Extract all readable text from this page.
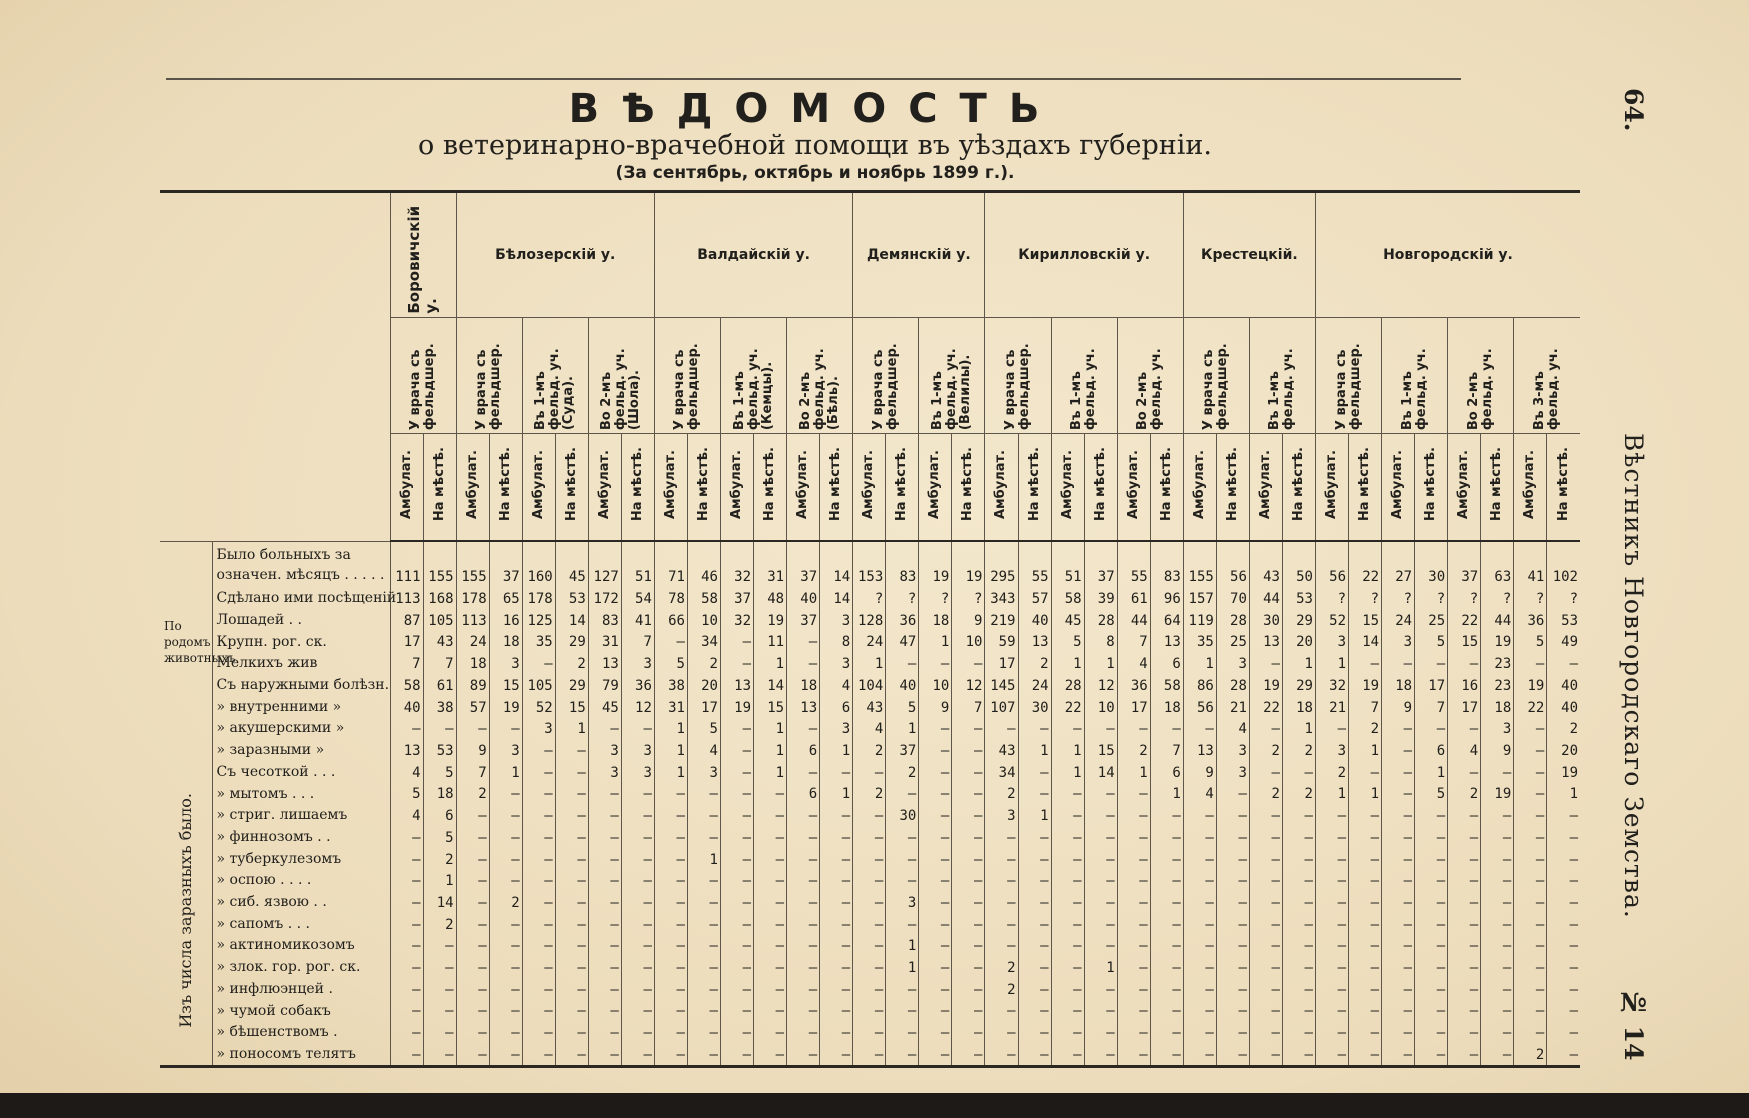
ВѢДОМОСТЬ
о ветеринарно-врачебной помощи въ уѣздахъ губерніи.
(За сентябрь, октябрь и ноябрь 1899 г.).
		Боровичскій у.		Бѣлозерскій у.						Валдайскій у.						Демянскій у.				Кирилловскій у.						Крестецкій.				Новгородскій у.							
		У врача съ фельдшер.		У врача съ фельдшер.		Въ 1-мъ фельд. уч. (Суда).		Во 2-мъ фельд. уч. (Шола).		У врача съ фельдшер.		Въ 1-мъ фельд. уч. (Кемцы).		Во 2-мъ фельд. уч. (Бѣль).		У врача съ фельдшер.		Въ 1-мъ фельд. уч. (Велилы).		У врача съ фельдшер.		Въ 1-мъ фельд. уч.		Во 2-мъ фельд. уч.		У врача съ фельдшер.		Въ 1-мъ фельд. уч.		У врача съ фельдшер.		Въ 1-мъ фельд. уч.		Во 2-мъ фельд. уч.		Въ 3-мъ фельд. уч.	
		Амбулат.	На мѣстѣ.	Амбулат.	На мѣстѣ.	Амбулат.	На мѣстѣ.	Амбулат.	На мѣстѣ.	Амбулат.	На мѣстѣ.	Амбулат.	На мѣстѣ.	Амбулат.	На мѣстѣ.	Амбулат.	На мѣстѣ.	Амбулат.	На мѣстѣ.	Амбулат.	На мѣстѣ.	Амбулат.	На мѣстѣ.	Амбулат.	На мѣстѣ.	Амбулат.	На мѣстѣ.	Амбулат.	На мѣстѣ.	Амбулат.	На мѣстѣ.	Амбулат.	На мѣстѣ.	Амбулат.	На мѣстѣ.	Амбулат.	На мѣстѣ.
	Было больныхъ за означен. мѣсяцъ . . . . .	111	155	155	37	160	45	127	51	71	46	32	31	37	14	153	83	19	19	295	55	51	37	55	83	155	56	43	50	56	22	27	30	37	63	41	102
	Сдѣлано ими посѣщеній	113	168	178	65	178	53	172	54	78	58	37	48	40	14	?	?	?	?	343	57	58	39	61	96	157	70	44	53	?	?	?	?	?	?	?	?
По родомъ животныхъ	Лошадей . .	87	105	113	16	125	14	83	41	66	10	32	19	37	3	128	36	18	9	219	40	45	28	44	64	119	28	30	29	52	15	24	25	22	44	36	53
	Крупн. рог. ск.	17	43	24	18	35	29	31	7	—	34	—	11	—	8	24	47	1	10	59	13	5	8	7	13	35	25	13	20	3	14	3	5	15	19	5	49
	Мелкихъ жив	7	7	18	3	—	2	13	3	5	2	—	1	—	3	1	—	—	—	17	2	1	1	4	6	1	3	—	1	1	—	—	—	—	23	—	—
	Съ наружными болѣзн.	58	61	89	15	105	29	79	36	38	20	13	14	18	4	104	40	10	12	145	24	28	12	36	58	86	28	19	29	32	19	18	17	16	23	19	40
	» внутренними »	40	38	57	19	52	15	45	12	31	17	19	15	13	6	43	5	9	7	107	30	22	10	17	18	56	21	22	18	21	7	9	7	17	18	22	40
	» акушерскими »	—	—	—	—	3	1	—	—	1	5	—	1	—	3	4	1	—	—	—	—	—	—	—	—	—	4	—	1	—	2	—	—	—	3	—	2
	» заразными »	13	53	9	3	—	—	3	3	1	4	—	1	6	1	2	37	—	—	43	1	1	15	2	7	13	3	2	2	3	1	—	6	4	9	—	20
Изъ числа заразныхъ было.	Съ чесоткой . . .	4	5	7	1	—	—	3	3	1	3	—	1	—	—	—	2	—	—	34	—	1	14	1	6	9	3	—	—	2	—	—	1	—	—	—	19
	» мытомъ . . .	5	18	2	—	—	—	—	—	—	—	—	—	6	1	2	—	—	—	2	—	—	—	—	1	4	—	2	2	1	1	—	5	2	19	—	1
	» стриг. лишаемъ	4	6	—	—	—	—	—	—	—	—	—	—	—	—	—	30	—	—	3	1	—	—	—	—	—	—	—	—	—	—	—	—	—	—	—	—
	» финнозомъ . .	—	5	—	—	—	—	—	—	—	—	—	—	—	—	—	—	—	—	—	—	—	—	—	—	—	—	—	—	—	—	—	—	—	—	—	—
	» туберкулезомъ	—	2	—	—	—	—	—	—	—	1	—	—	—	—	—	—	—	—	—	—	—	—	—	—	—	—	—	—	—	—	—	—	—	—	—	—
	» оспою . . . .	—	1	—	—	—	—	—	—	—	—	—	—	—	—	—	—	—	—	—	—	—	—	—	—	—	—	—	—	—	—	—	—	—	—	—	—
	» сиб. язвою . .	—	14	—	2	—	—	—	—	—	—	—	—	—	—	—	3	—	—	—	—	—	—	—	—	—	—	—	—	—	—	—	—	—	—	—	—
	» сапомъ . . .	—	2	—	—	—	—	—	—	—	—	—	—	—	—	—	—	—	—	—	—	—	—	—	—	—	—	—	—	—	—	—	—	—	—	—	—
	» актиномикозомъ	—	—	—	—	—	—	—	—	—	—	—	—	—	—	—	1	—	—	—	—	—	—	—	—	—	—	—	—	—	—	—	—	—	—	—	—
	» злок. гор. рог. ск.	—	—	—	—	—	—	—	—	—	—	—	—	—	—	—	1	—	—	2	—	—	1	—	—	—	—	—	—	—	—	—	—	—	—	—	—
	» инфлюэнцей .	—	—	—	—	—	—	—	—	—	—	—	—	—	—	—	—	—	—	2	—	—	—	—	—	—	—	—	—	—	—	—	—	—	—	—	—
	» чумой собакъ	—	—	—	—	—	—	—	—	—	—	—	—	—	—	—	—	—	—	—	—	—	—	—	—	—	—	—	—	—	—	—	—	—	—	—	—
	» бѣшенствомъ .	—	—	—	—	—	—	—	—	—	—	—	—	—	—	—	—	—	—	—	—	—	—	—	—	—	—	—	—	—	—	—	—	—	—	—	—
	» поносомъ телятъ	—	—	—	—	—	—	—	—	—	—	—	—	—	—	—	—	—	—	—	—	—	—	—	—	—	—	—	—	—	—	—	—	—	—	2	—
64.
Вѣстникъ Новгородскаго Земства.
№ 14
